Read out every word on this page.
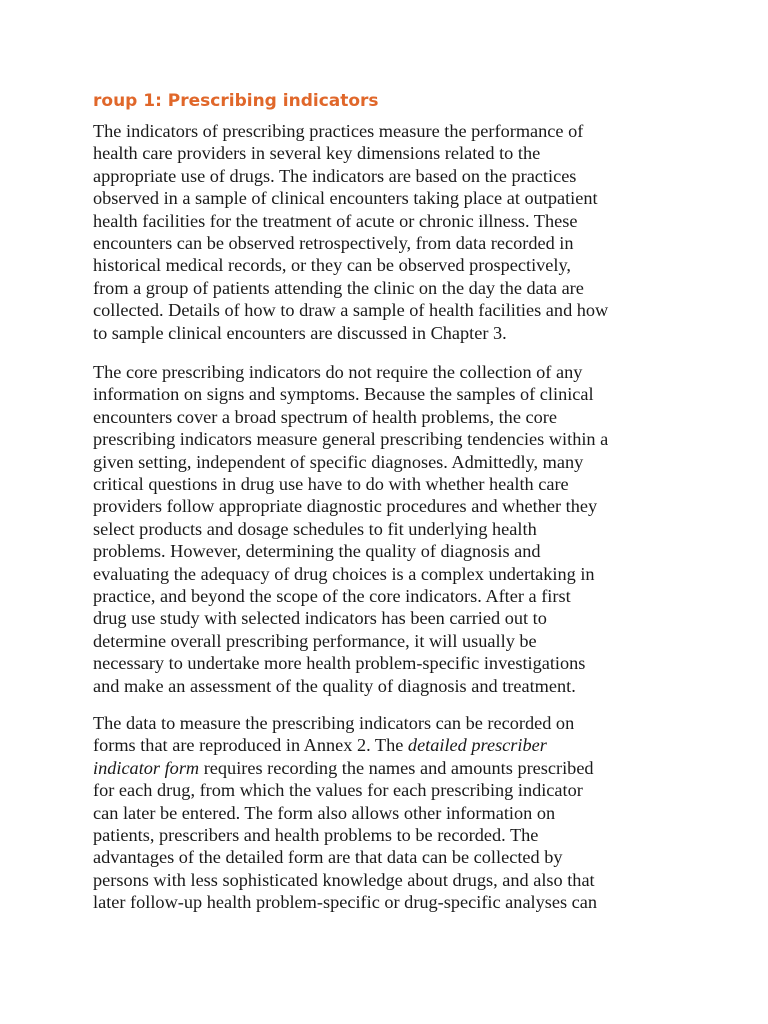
roup 1: Prescribing indicators

The indicators of prescribing practices measure the performance of
health care providers in several key dimensions related to the
appropriate use of drugs. The indicators are based on the practices
observed in a sample of clinical encounters taking place at outpatient
health facilities for the treatment of acute or chronic illness. These
encounters can be observed retrospectively, from data recorded in
historical medical records, or they can be observed prospectively,
from a group of patients attending the clinic on the day the data are
collected. Details of how to draw a sample of health facilities and how
to sample clinical encounters are discussed in Chapter 3.

The core prescribing indicators do not require the collection of any
information on signs and symptoms. Because the samples of clinical
encounters cover a broad spectrum of health problems, the core
prescribing indicators measure general prescribing tendencies within a
given setting, independent of specific diagnoses. Admittedly, many
critical questions in drug use have to do with whether health care
providers follow appropriate diagnostic procedures and whether they
select products and dosage schedules to fit underlying health
problems. However, determining the quality of diagnosis and
evaluating the adequacy of drug choices is a complex undertaking in
practice, and beyond the scope of the core indicators. After a first
drug use study with selected indicators has been carried out to
determine overall prescribing performance, it will usually be
necessary to undertake more health problem-specific investigations
and make an assessment of the quality of diagnosis and treatment.

The data to measure the prescribing indicators can be recorded on
forms that are reproduced in Annex 2. The detailed prescriber
indicator form requires recording the names and amounts prescribed
for each drug, from which the values for each prescribing indicator
can later be entered. The form also allows other information on
patients, prescribers and health problems to be recorded. The
advantages of the detailed form are that data can be collected by
persons with less sophisticated knowledge about drugs, and also that
later follow-up health problem-specific or drug-specific analyses can
